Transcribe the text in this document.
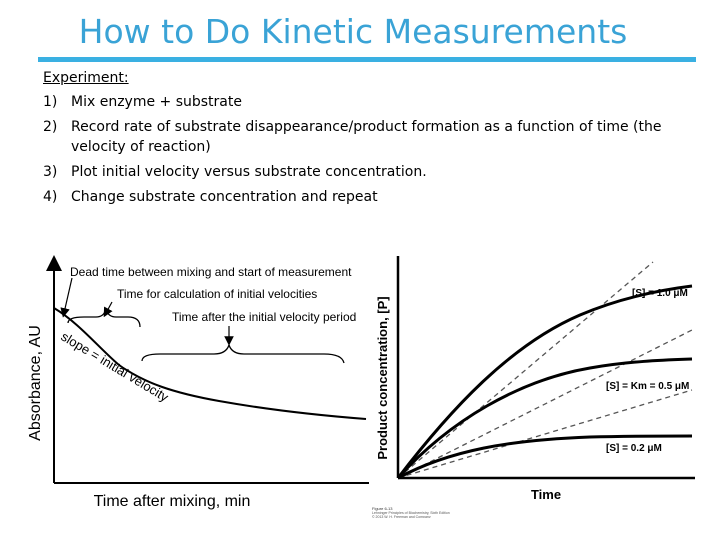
How to Do Kinetic Measurements
Experiment:
1) Mix enzyme + substrate
2) Record rate of substrate disappearance/product formation as a function of time (the velocity of reaction)
3) Plot initial velocity versus substrate concentration.
4) Change substrate concentration and repeat
Absorbance, AU
Time after mixing, min
Dead time between mixing and start of measurement
Time for calculation of initial velocities
Time after the initial velocity period
slope = initial velocity	Product concentration, [P]
Time
[S] = 1.0 μM
[S] = Km = 0.5 μM
[S] = 0.2 μM
Figure 6-13
Lehninger Principles of Biochemistry, Sixth Edition
© 2013 W. H. Freeman and Company
